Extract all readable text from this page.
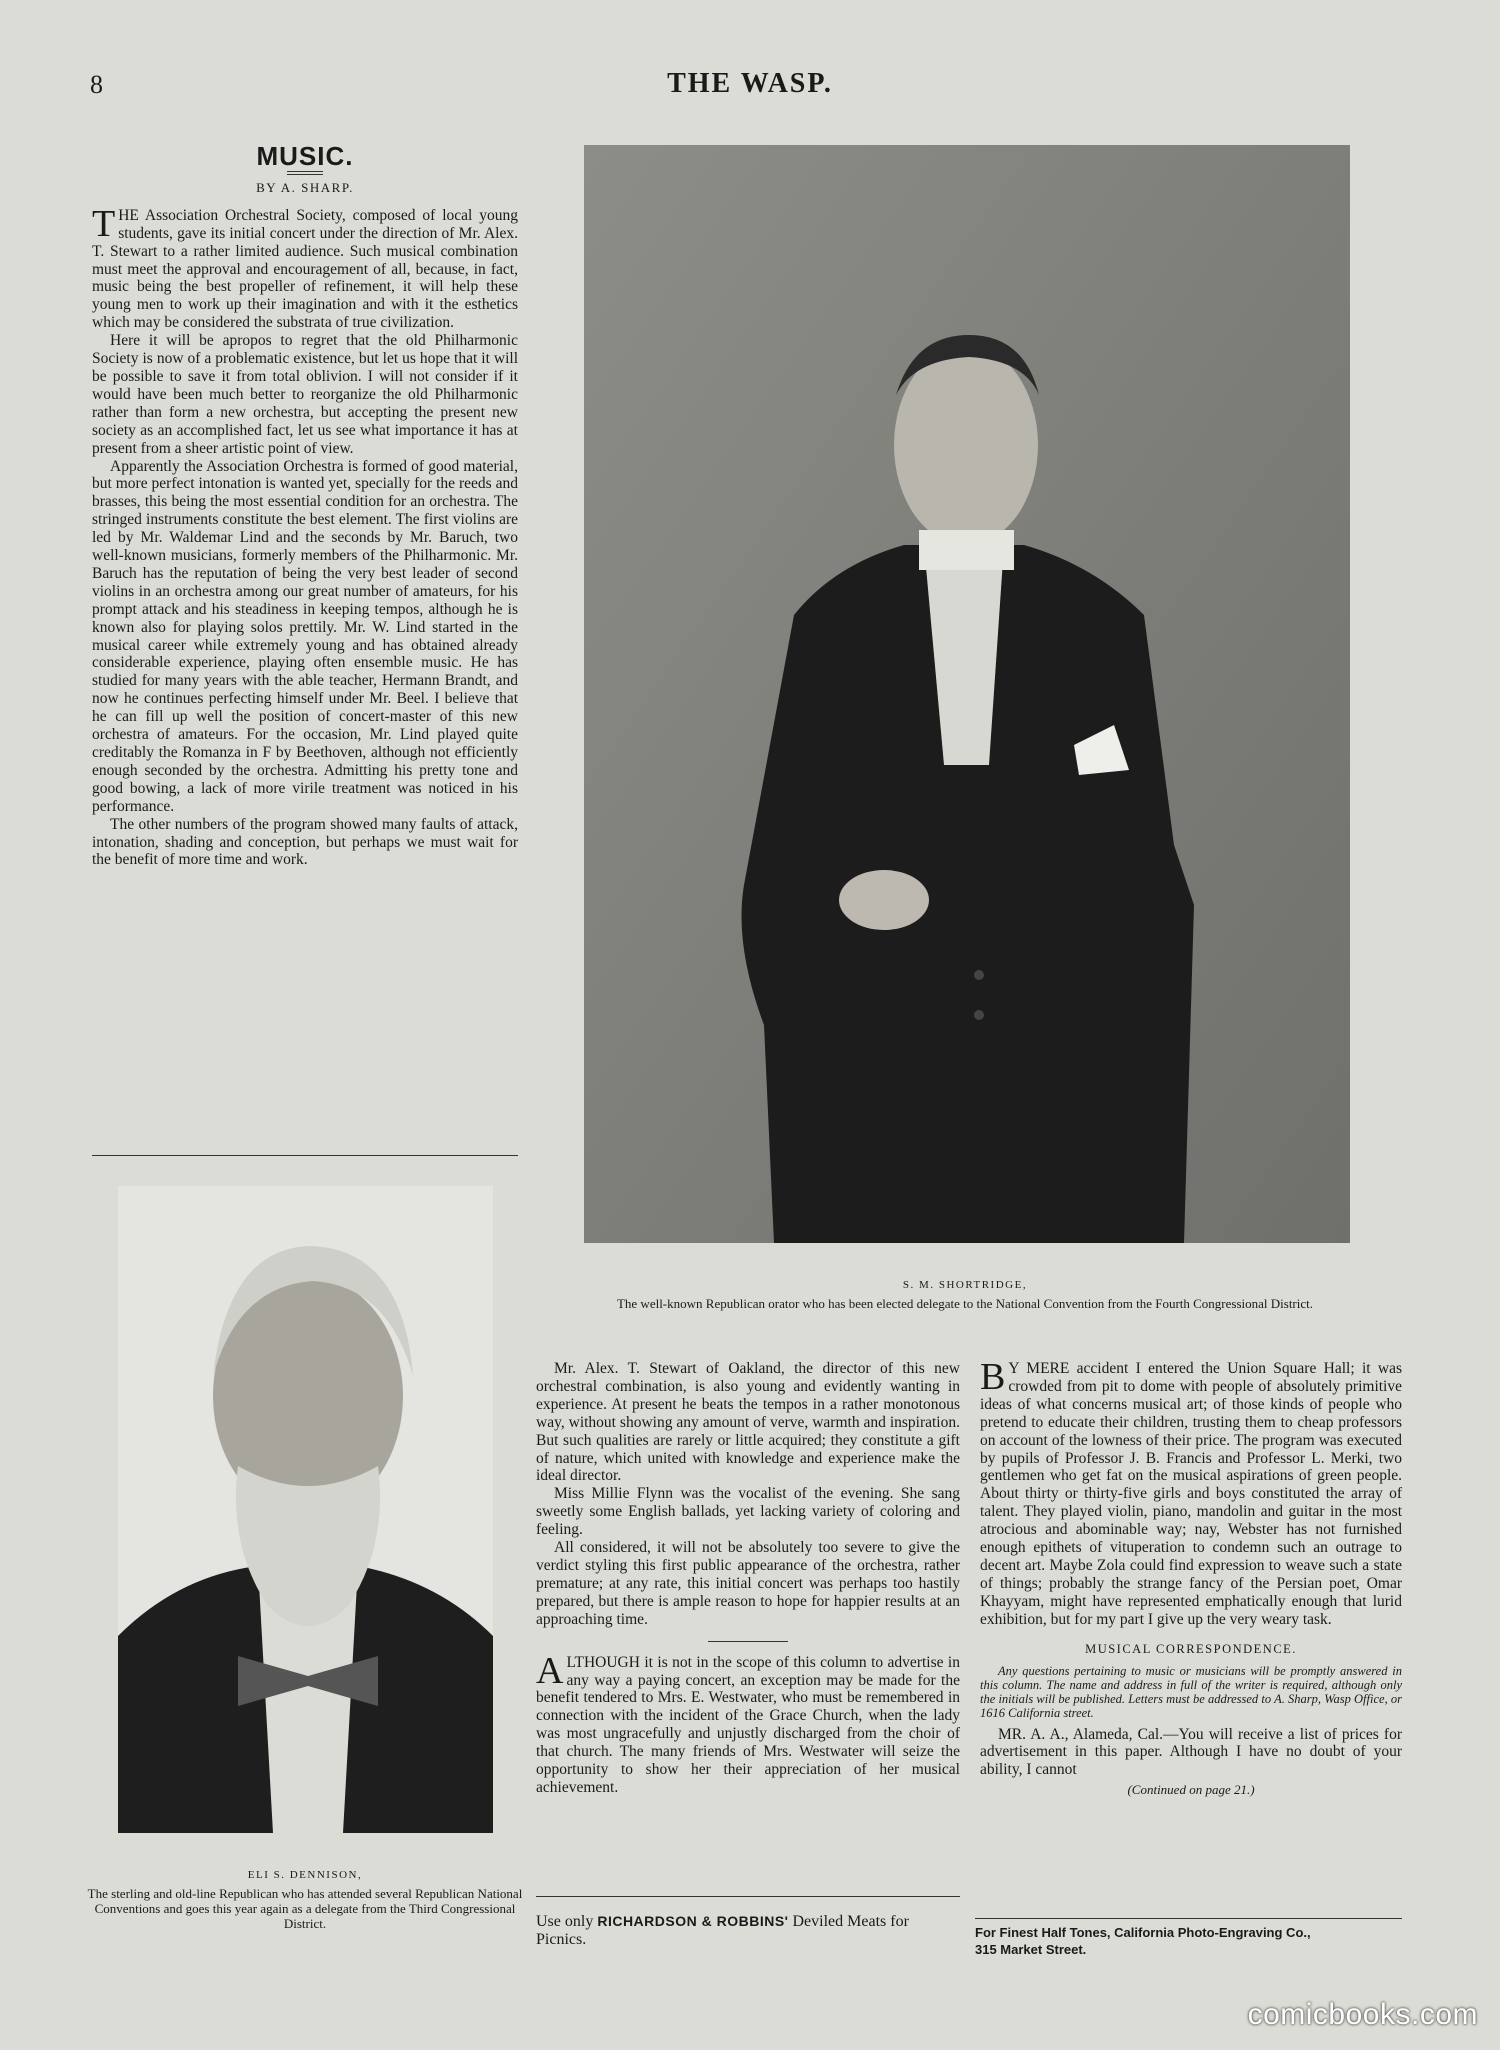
8	THE WASP.
MUSIC.
BY A. SHARP.

THE Association Orchestral Society, composed of local young students, gave its initial concert under the direction of Mr. Alex. T. Stewart to a rather limited audience. Such musical combination must meet the approval and encouragement of all, because, in fact, music being the best propeller of refinement, it will help these young men to work up their imagination and with it the esthetics which may be considered the substrata of true civilization.

Here it will be apropos to regret that the old Philharmonic Society is now of a problematic existence, but let us hope that it will be possible to save it from total oblivion. I will not consider if it would have been much better to reorganize the old Philharmonic rather than form a new orchestra, but accepting the present new society as an accomplished fact, let us see what importance it has at present from a sheer artistic point of view.

Apparently the Association Orchestra is formed of good material, but more perfect intonation is wanted yet, specially for the reeds and brasses, this being the most essential condition for an orchestra. The stringed instruments constitute the best element. The first violins are led by Mr. Waldemar Lind and the seconds by Mr. Baruch, two well-known musicians, formerly members of the Philharmonic. Mr. Baruch has the reputation of being the very best leader of second violins in an orchestra among our great number of amateurs, for his prompt attack and his steadiness in keeping tempos, although he is known also for playing solos prettily. Mr. W. Lind started in the musical career while extremely young and has obtained already considerable experience, playing often ensemble music. He has studied for many years with the able teacher, Hermann Brandt, and now he continues perfecting himself under Mr. Beel. I believe that he can fill up well the position of concert-master of this new orchestra of amateurs. For the occasion, Mr. Lind played quite creditably the Romanza in F by Beethoven, although not efficiently enough seconded by the orchestra. Admitting his pretty tone and good bowing, a lack of more virile treatment was noticed in his performance.

The other numbers of the program showed many faults of attack, intonation, shading and conception, but perhaps we must wait for the benefit of more time and work.

S. M. SHORTRIDGE,
The well-known Republican orator who has been elected delegate to the National Convention from the Fourth Congressional District.
ELI S. DENNISON,
The sterling and old-line Republican who has attended several Republican National Conventions and goes this year again as a delegate from the Third Congressional District.

Mr. Alex. T. Stewart of Oakland, the director of this new orchestral combination, is also young and evidently wanting in experience. At present he beats the tempos in a rather monotonous way, without showing any amount of verve, warmth and inspiration. But such qualities are rarely or little acquired; they constitute a gift of nature, which united with knowledge and experience make the ideal director.

Miss Millie Flynn was the vocalist of the evening. She sang sweetly some English ballads, yet lacking variety of coloring and feeling.

All considered, it will not be absolutely too severe to give the verdict styling this first public appearance of the orchestra, rather premature; at any rate, this initial concert was perhaps too hastily prepared, but there is ample reason to hope for happier results at an approaching time.

ALTHOUGH it is not in the scope of this column to advertise in any way a paying concert, an exception may be made for the benefit tendered to Mrs. E. Westwater, who must be remembered in connection with the incident of the Grace Church, when the lady was most ungracefully and unjustly discharged from the choir of that church. The many friends of Mrs. Westwater will seize the opportunity to show her their appreciation of her musical achievement.

B Y MERE accident I entered the Union Square Hall; it was crowded from pit to dome with people of absolutely primitive ideas of what concerns musical art; of those kinds of people who pretend to educate their children, trusting them to cheap professors on account of the lowness of their price. The program was executed by pupils of Professor J. B. Francis and Professor L. Merki, two gentlemen who get fat on the musical aspirations of green people. About thirty or thirty-five girls and boys constituted the array of talent. They played violin, piano, mandolin and guitar in the most atrocious and abominable way; nay, Webster has not furnished enough epithets of vituperation to condemn such an outrage to decent art. Maybe Zola could find expression to weave such a state of things; probably the strange fancy of the Persian poet, Omar Khayyam, might have represented emphatically enough that lurid exhibition, but for my part I give up the very weary task.

MUSICAL CORRESPONDENCE.

Any questions pertaining to music or musicians will be promptly answered in this column. The name and address in full of the writer is required, although only the initials will be published. Letters must be addressed to A. Sharp, Wasp Office, or 1616 California street.

MR. A. A., Alameda, Cal.—You will receive a list of prices for advertisement in this paper. Although I have no doubt of your ability, I cannot

(Continued on page 21.)
Use only RICHARDSON & ROBBINS' Deviled Meats for Picnics.	For Finest Half Tones, California Photo-Engraving Co.,
315 Market Street.
comicbooks.com
